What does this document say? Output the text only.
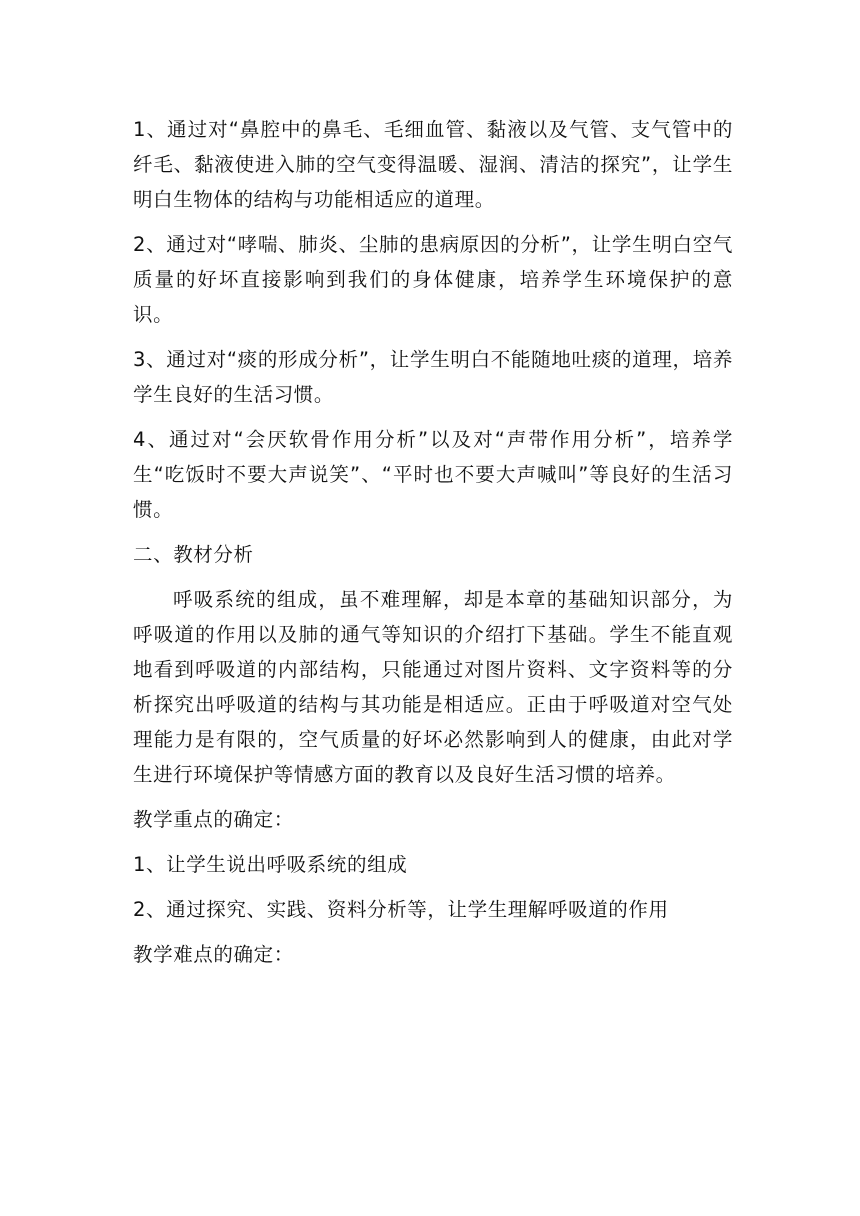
1、通过对“鼻腔中的鼻毛、毛细血管、黏液以及气管、支气管中的纤毛、黏液使进入肺的空气变得温暖、湿润、清洁的探究”，让学生明白生物体的结构与功能相适应的道理。

2、通过对“哮喘、肺炎、尘肺的患病原因的分析”，让学生明白空气质量的好坏直接影响到我们的身体健康，培养学生环境保护的意识。

3、通过对“痰的形成分析”，让学生明白不能随地吐痰的道理，培养学生良好的生活习惯。

4、通过对“会厌软骨作用分析”以及对“声带作用分析”，培养学生“吃饭时不要大声说笑”、“平时也不要大声喊叫”等良好的生活习惯。

二、教材分析

呼吸系统的组成，虽不难理解，却是本章的基础知识部分，为呼吸道的作用以及肺的通气等知识的介绍打下基础。学生不能直观地看到呼吸道的内部结构，只能通过对图片资料、文字资料等的分析探究出呼吸道的结构与其功能是相适应。正由于呼吸道对空气处理能力是有限的，空气质量的好坏必然影响到人的健康，由此对学生进行环境保护等情感方面的教育以及良好生活习惯的培养。

教学重点的确定：

1、让学生说出呼吸系统的组成

2、通过探究、实践、资料分析等，让学生理解呼吸道的作用

教学难点的确定：
